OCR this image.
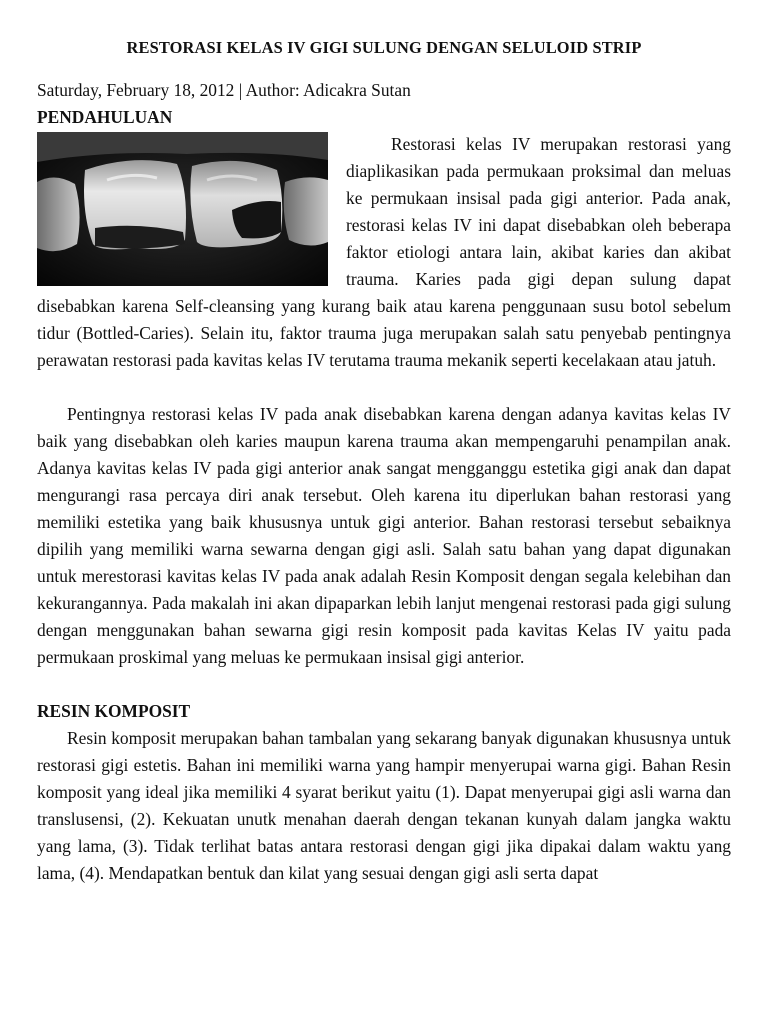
RESTORASI KELAS IV GIGI SULUNG DENGAN SELULOID STRIP

Saturday, February 18, 2012 | Author: Adicakra Sutan

PENDAHULUAN

Restorasi kelas IV merupakan restorasi yang diaplikasikan pada permukaan proksimal dan meluas ke permukaan insisal pada gigi anterior. Pada anak, restorasi kelas IV ini dapat disebabkan oleh beberapa faktor etiologi antara lain, akibat karies dan akibat trauma. Karies pada gigi depan sulung dapat disebabkan karena Self-cleansing yang kurang baik atau karena penggunaan susu botol sebelum tidur (Bottled-Caries). Selain itu, faktor trauma juga merupakan salah satu penyebab pentingnya perawatan restorasi pada kavitas kelas IV terutama trauma mekanik seperti kecelakaan atau jatuh.

Pentingnya restorasi kelas IV pada anak disebabkan karena dengan adanya kavitas kelas IV baik yang disebabkan oleh karies maupun karena trauma akan mempengaruhi penampilan anak. Adanya kavitas kelas IV pada gigi anterior anak sangat mengganggu estetika gigi anak dan dapat mengurangi rasa percaya diri anak tersebut. Oleh karena itu diperlukan bahan restorasi yang memiliki estetika yang baik khususnya untuk gigi anterior. Bahan restorasi tersebut sebaiknya dipilih yang memiliki warna sewarna dengan gigi asli. Salah satu bahan yang dapat digunakan untuk merestorasi kavitas kelas IV pada anak adalah Resin Komposit dengan segala kelebihan dan kekurangannya. Pada makalah ini akan dipaparkan lebih lanjut mengenai restorasi pada gigi sulung dengan menggunakan bahan sewarna gigi resin komposit pada kavitas Kelas IV yaitu pada permukaan proskimal yang meluas ke permukaan insisal gigi anterior.

RESIN KOMPOSIT

Resin komposit merupakan bahan tambalan yang sekarang banyak digunakan khususnya untuk restorasi gigi estetis. Bahan ini memiliki warna yang hampir menyerupai warna gigi. Bahan Resin komposit yang ideal jika memiliki 4 syarat berikut yaitu (1). Dapat menyerupai gigi asli warna dan translusensi, (2). Kekuatan unutk menahan daerah dengan tekanan kunyah dalam jangka waktu yang lama, (3). Tidak terlihat batas antara restorasi dengan gigi jika dipakai dalam waktu yang lama, (4). Mendapatkan bentuk dan kilat yang sesuai dengan gigi asli serta dapat
